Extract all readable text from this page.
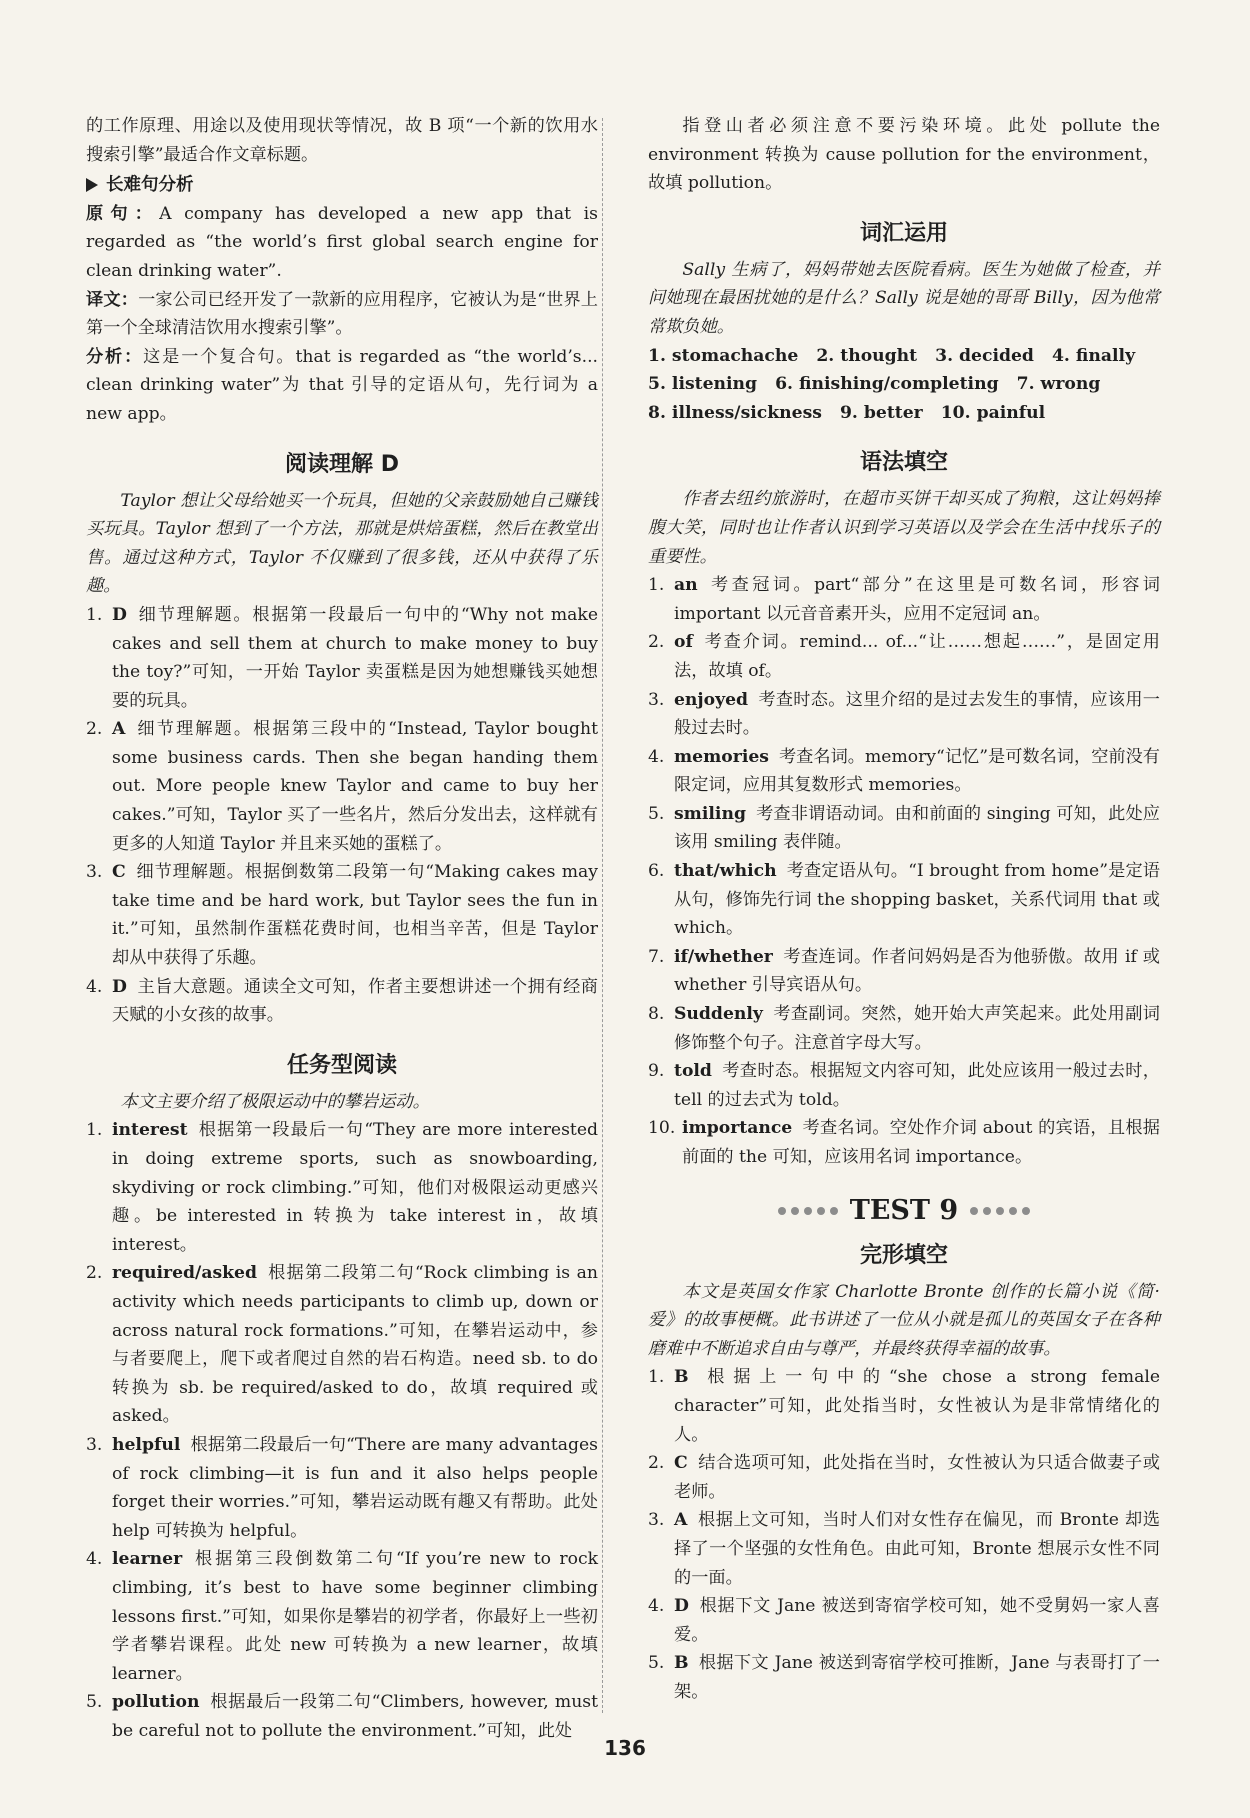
的工作原理、用途以及使用现状等情况，故 B 项“一个新的饮用水搜索引擎”最适合作文章标题。

长难句分析

原句：A company has developed a new app that is regarded as “the world’s first global search engine for clean drinking water”.

译文：一家公司已经开发了一款新的应用程序，它被认为是“世界上第一个全球清洁饮用水搜索引擎”。

分析：这是一个复合句。that is regarded as “the world’s... clean drinking water”为 that 引导的定语从句，先行词为 a new app。

阅读理解 D

Taylor 想让父母给她买一个玩具，但她的父亲鼓励她自己赚钱买玩具。Taylor 想到了一个方法，那就是烘焙蛋糕，然后在教堂出售。通过这种方式，Taylor 不仅赚到了很多钱，还从中获得了乐趣。

1. D 细节理解题。根据第一段最后一句中的“Why not make cakes and sell them at church to make money to buy the toy?”可知，一开始 Taylor 卖蛋糕是因为她想赚钱买她想要的玩具。
2. A 细节理解题。根据第三段中的“Instead, Taylor bought some business cards. Then she began handing them out. More people knew Taylor and came to buy her cakes.”可知，Taylor 买了一些名片，然后分发出去，这样就有更多的人知道 Taylor 并且来买她的蛋糕了。
3. C 细节理解题。根据倒数第二段第一句“Making cakes may take time and be hard work, but Taylor sees the fun in it.”可知，虽然制作蛋糕花费时间，也相当辛苦，但是 Taylor 却从中获得了乐趣。
4. D 主旨大意题。通读全文可知，作者主要想讲述一个拥有经商天赋的小女孩的故事。
任务型阅读

本文主要介绍了极限运动中的攀岩运动。

1. interest 根据第一段最后一句“They are more interested in doing extreme sports, such as snowboarding, skydiving or rock climbing.”可知，他们对极限运动更感兴趣。be interested in 转换为 take interest in，故填 interest。
2. required/asked 根据第二段第二句“Rock climbing is an activity which needs participants to climb up, down or across natural rock formations.”可知，在攀岩运动中，参与者要爬上，爬下或者爬过自然的岩石构造。need sb. to do 转换为 sb. be required/asked to do，故填 required 或 asked。
3. helpful 根据第二段最后一句“There are many advantages of rock climbing—it is fun and it also helps people forget their worries.”可知，攀岩运动既有趣又有帮助。此处 help 可转换为 helpful。
4. learner 根据第三段倒数第二句“If you’re new to rock climbing, it’s best to have some beginner climbing lessons first.”可知，如果你是攀岩的初学者，你最好上一些初学者攀岩课程。此处 new 可转换为 a new learner，故填 learner。
5. pollution 根据最后一段第二句“Climbers, however, must be careful not to pollute the environment.”可知，此处

指登山者必须注意不要污染环境。此处 pollute the environment 转换为 cause pollution for the environment，故填 pollution。

词汇运用

Sally 生病了，妈妈带她去医院看病。医生为她做了检查，并问她现在最困扰她的是什么？Sally 说是她的哥哥 Billy，因为他常常欺负她。

1. stomachache 2. thought 3. decided 4. finally
5. listening 6. finishing/completing 7. wrong
8. illness/sickness 9. better 10. painful
语法填空

作者去纽约旅游时，在超市买饼干却买成了狗粮，这让妈妈捧腹大笑，同时也让作者认识到学习英语以及学会在生活中找乐子的重要性。

1. an 考查冠词。part“部分”在这里是可数名词，形容词 important 以元音音素开头，应用不定冠词 an。
2. of 考查介词。remind... of...“让……想起……”，是固定用法，故填 of。
3. enjoyed 考查时态。这里介绍的是过去发生的事情，应该用一般过去时。
4. memories 考查名词。memory“记忆”是可数名词，空前没有限定词，应用其复数形式 memories。
5. smiling 考查非谓语动词。由和前面的 singing 可知，此处应该用 smiling 表伴随。
6. that/which 考查定语从句。“I brought from home”是定语从句，修饰先行词 the shopping basket，关系代词用 that 或 which。
7. if/whether 考查连词。作者问妈妈是否为他骄傲。故用 if 或 whether 引导宾语从句。
8. Suddenly 考查副词。突然，她开始大声笑起来。此处用副词修饰整个句子。注意首字母大写。
9. told 考查时态。根据短文内容可知，此处应该用一般过去时，tell 的过去式为 told。
10. importance 考查名词。空处作介词 about 的宾语，且根据前面的 the 可知，应该用名词 importance。
TEST 9
完形填空

本文是英国女作家 Charlotte Bronte 创作的长篇小说《简·爱》的故事梗概。此书讲述了一位从小就是孤儿的英国女子在各种磨难中不断追求自由与尊严，并最终获得幸福的故事。

1. B 根据上一句中的“she chose a strong female character”可知，此处指当时，女性被认为是非常情绪化的人。
2. C 结合选项可知，此处指在当时，女性被认为只适合做妻子或老师。
3. A 根据上文可知，当时人们对女性存在偏见，而 Bronte 却选择了一个坚强的女性角色。由此可知，Bronte 想展示女性不同的一面。
4. D 根据下文 Jane 被送到寄宿学校可知，她不受舅妈一家人喜爱。
5. B 根据下文 Jane 被送到寄宿学校可推断，Jane 与表哥打了一架。
136
